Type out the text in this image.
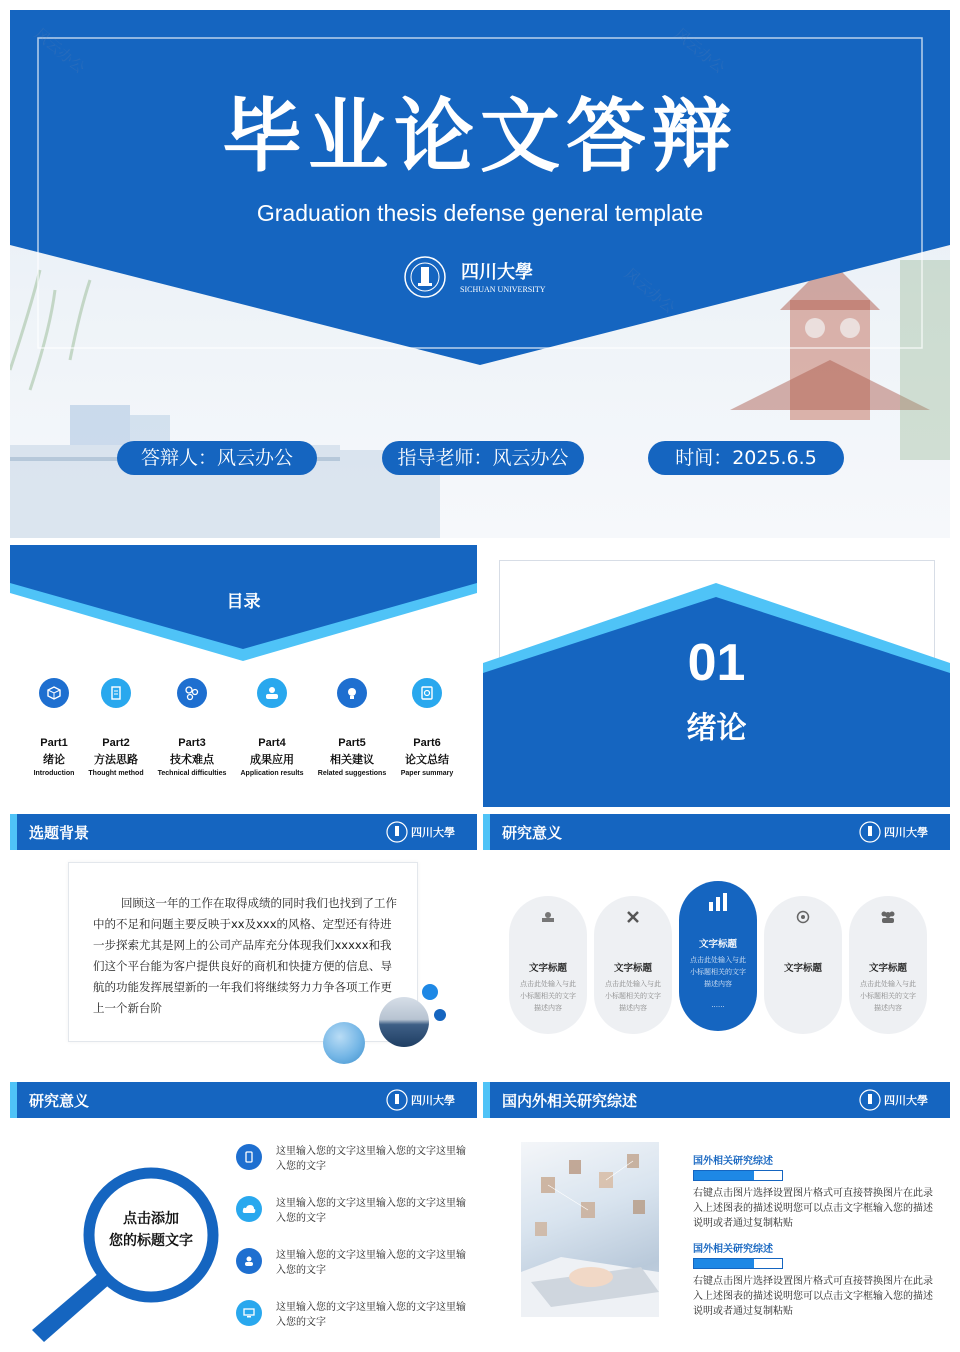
毕业论文答辩
Graduation thesis defense general template
四川大學
SICHUAN UNIVERSITY
答辩人：风云办公	指导老师：风云办公	时间：2025.6.5
风云办公	风云办公
风云办公
目录
Part1
绪论
Introduction
Part2
方法思路
Thought method
Part3
技术难点
Technical difficulties
Part4
成果应用
Application results
Part5
相关建议
Related suggestions
Part6
论文总结
Paper summary
01
绪论
选题背景	四川大學
回顾这一年的工作在取得成绩的同时我们也找到了工作中的不足和问题主要反映于xx及xxx的风格、定型还有待进一步探索尤其是网上的公司产品库充分体现我们xxxxx和我们这个平台能为客户提供良好的商机和快捷方便的信息、导航的功能发挥展望新的一年我们将继续努力力争各项工作更上一个新台阶
研究意义	四川大學
文字标题
点击此处输入与此小标题相关的文字描述内容
文字标题
点击此处输入与此小标题相关的文字描述内容
文字标题
点击此处输入与此小标题相关的文字描述内容
......
文字标题	文字标题
点击此处输入与此小标题相关的文字描述内容
研究意义	四川大學
点击添加
您的标题文字
这里输入您的文字这里输入您的文字这里输入您的文字
这里输入您的文字这里输入您的文字这里输入您的文字
这里输入您的文字这里输入您的文字这里输入您的文字
这里输入您的文字这里输入您的文字这里输入您的文字
国内外相关研究综述	四川大學
国外相关研究综述
右键点击图片选择设置图片格式可直接替换图片在此录入上述图表的描述说明您可以点击文字框输入您的描述说明或者通过复制粘贴
国外相关研究综述
右键点击图片选择设置图片格式可直接替换图片在此录入上述图表的描述说明您可以点击文字框输入您的描述说明或者通过复制粘贴
